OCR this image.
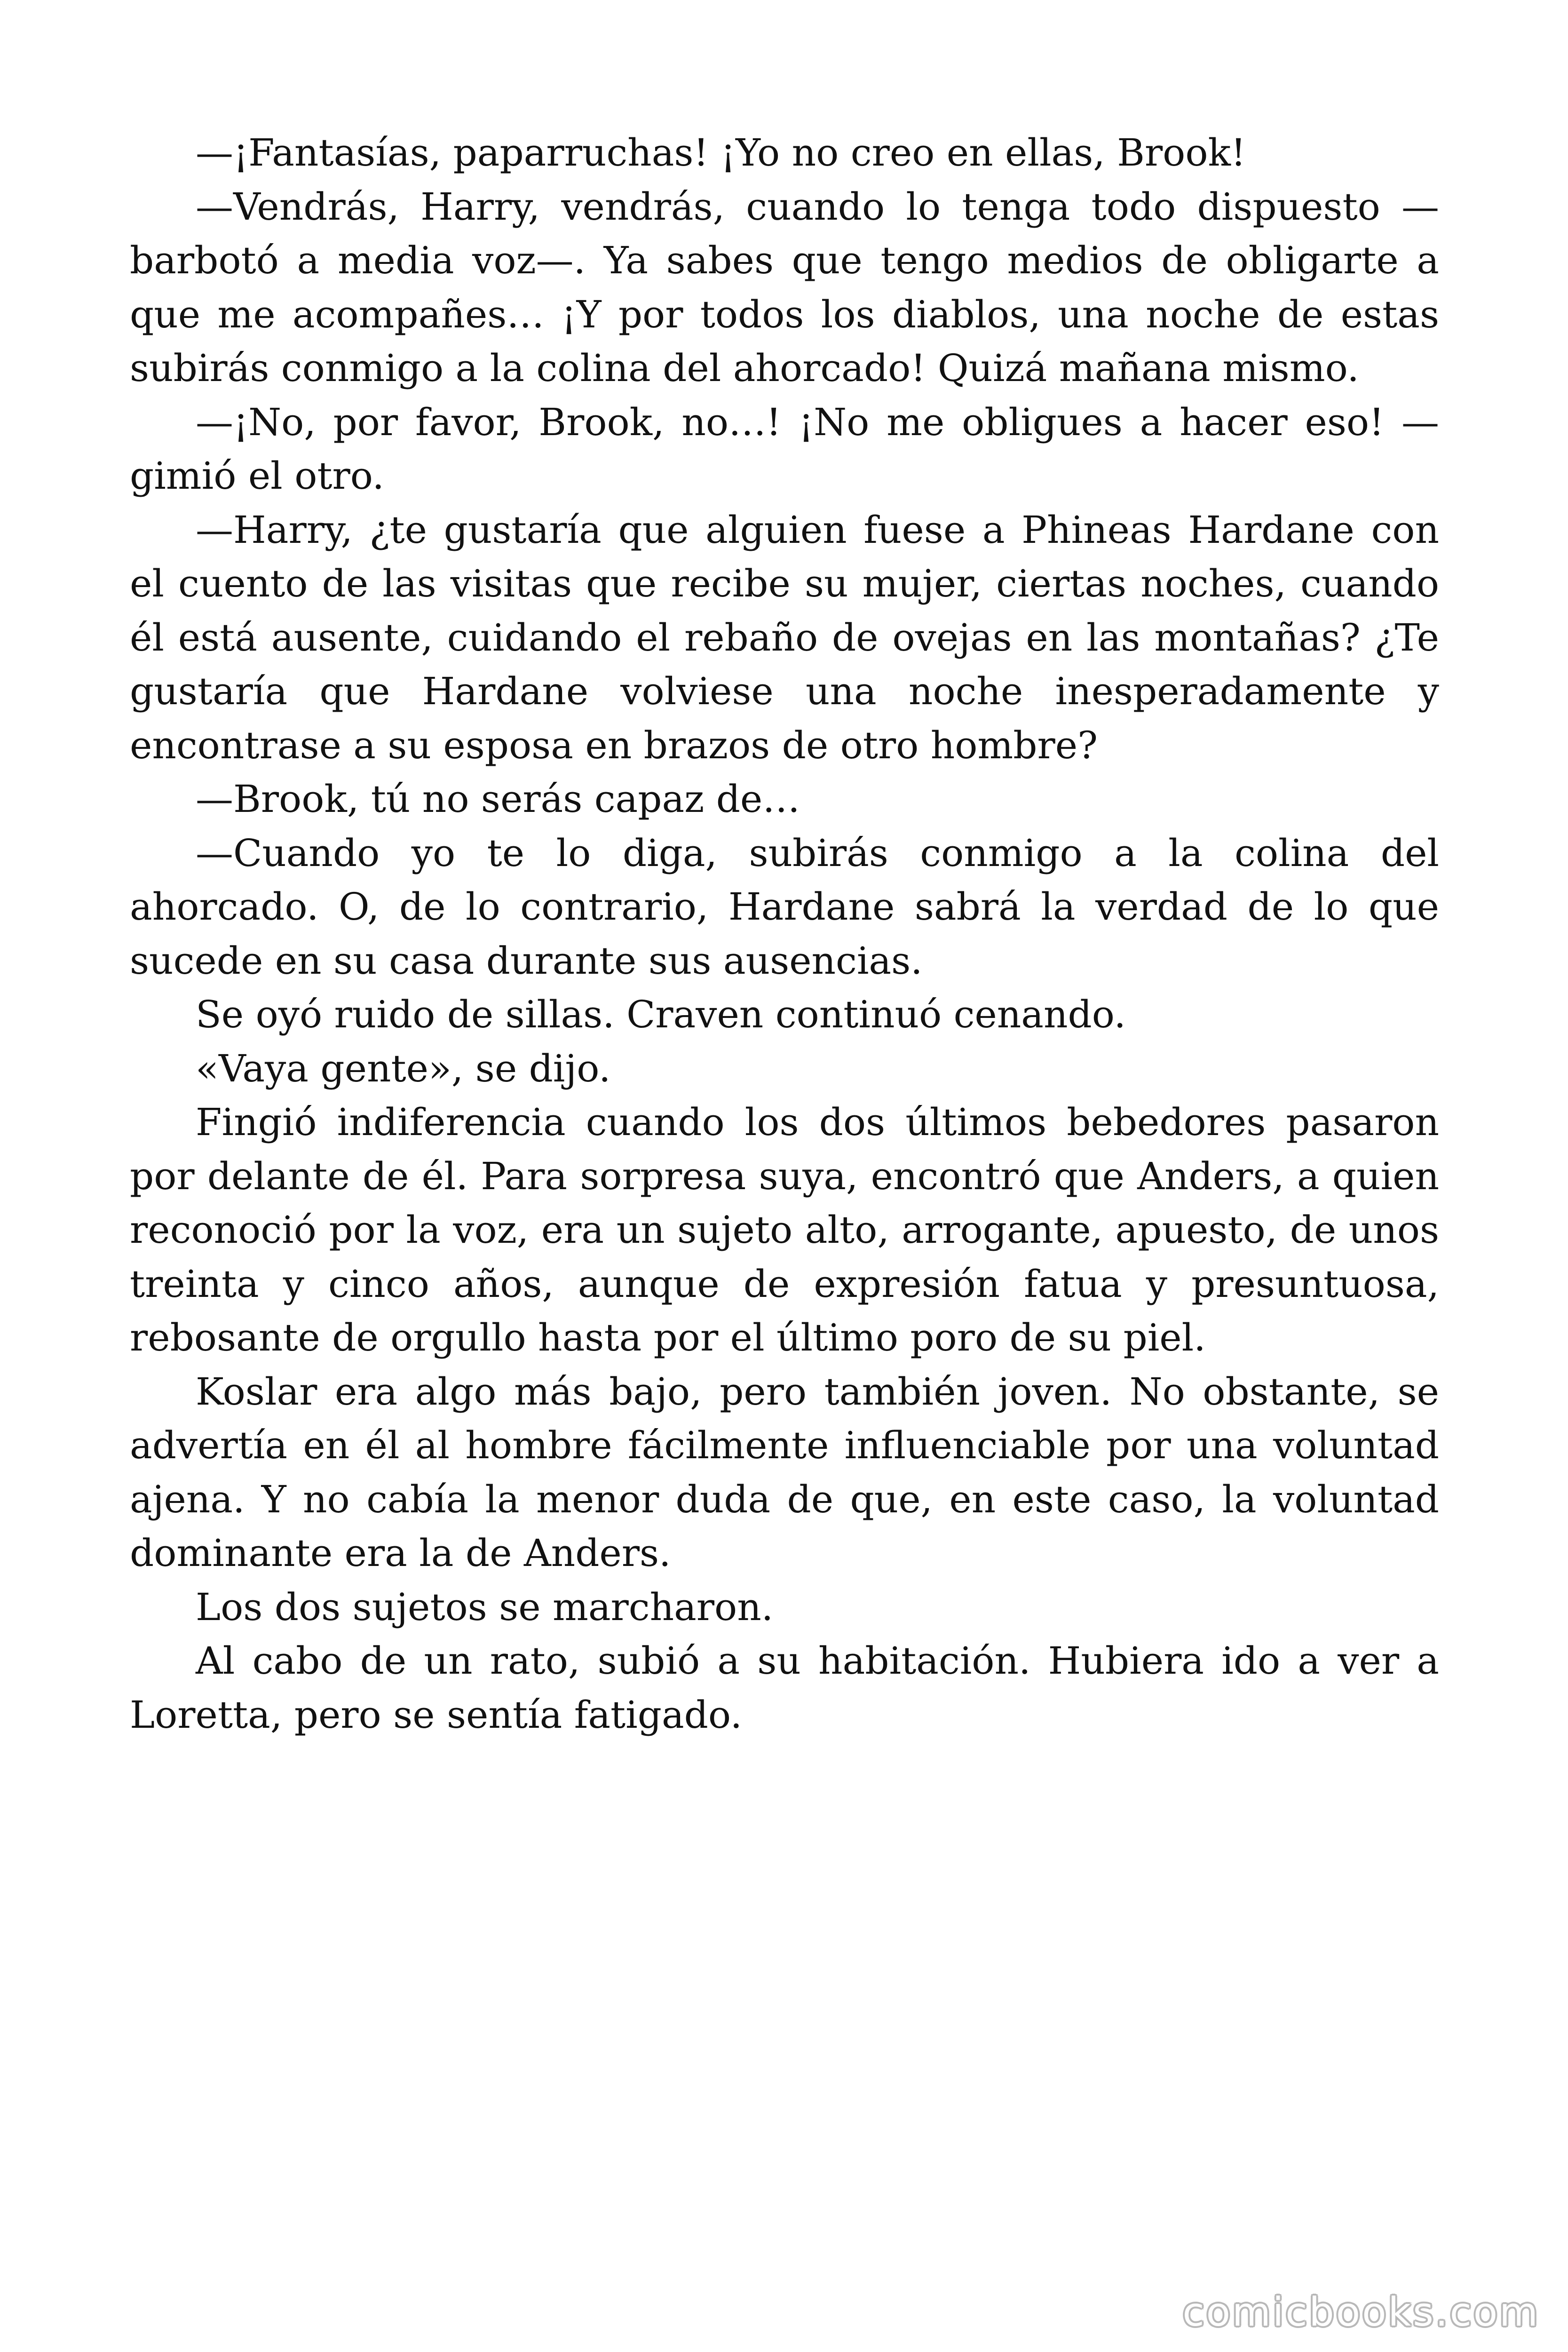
—¡Fantasías, paparruchas! ¡Yo no creo en ellas, Brook!

—Vendrás, Harry, vendrás, cuando lo tenga todo dispuesto —barbotó a media voz—. Ya sabes que tengo medios de obligarte a que me acompañes… ¡Y por todos los diablos, una noche de estas subirás conmigo a la colina del ahorcado! Quizá mañana mismo.

—¡No, por favor, Brook, no…! ¡No me obligues a hacer eso! —gimió el otro.

—Harry, ¿te gustaría que alguien fuese a Phineas Hardane con el cuento de las visitas que recibe su mujer, ciertas noches, cuando él está ausente, cuidando el rebaño de ovejas en las montañas? ¿Te gustaría que Hardane volviese una noche inesperadamente y encontrase a su esposa en brazos de otro hombre?

—Brook, tú no serás capaz de…

—Cuando yo te lo diga, subirás conmigo a la colina del ahorcado. O, de lo contrario, Hardane sabrá la verdad de lo que sucede en su casa durante sus ausencias.

Se oyó ruido de sillas. Craven continuó cenando.

«Vaya gente», se dijo.

Fingió indiferencia cuando los dos últimos bebedores pasaron por delante de él. Para sorpresa suya, encontró que Anders, a quien reconoció por la voz, era un sujeto alto, arrogante, apuesto, de unos treinta y cinco años, aunque de expresión fatua y presuntuosa, rebosante de orgullo hasta por el último poro de su piel.

Koslar era algo más bajo, pero también joven. No obstante, se advertía en él al hombre fácilmente influenciable por una voluntad ajena. Y no cabía la menor duda de que, en este caso, la voluntad dominante era la de Anders.

Los dos sujetos se marcharon.

Al cabo de un rato, subió a su habitación. Hubiera ido a ver a Loretta, pero se sentía fatigado.

comicbooks.com
